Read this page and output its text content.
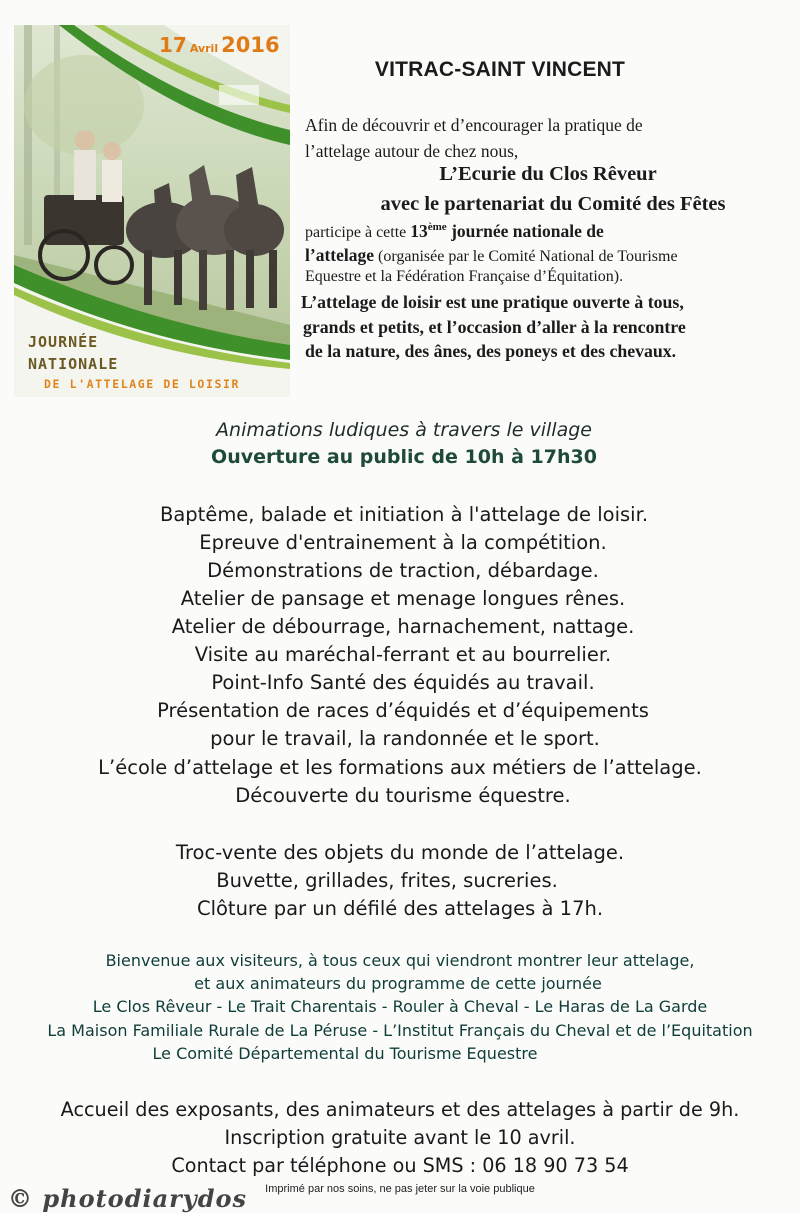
17 Avril 2016
JOURNÉE
NATIONALE
DE L'ATTELAGE DE LOISIR
VITRAC-SAINT VINCENT
Afin de découvrir et d’encourager la pratique de
l’attelage autour de chez nous,
L’Ecurie du Clos Rêveur
avec le partenariat du Comité des Fêtes
participe à cette 13ème journée nationale de
l’attelage (organisée par le Comité National de Tourisme
Equestre et la Fédération Française d’Équitation).
L’attelage de loisir est une pratique ouverte à tous,
grands et petits, et l’occasion d’aller à la rencontre
de la nature, des ânes, des poneys et des chevaux.
Animations ludiques à travers le village
Ouverture au public de 10h à 17h30
Baptême, balade et initiation à l'attelage de loisir.
Epreuve d'entrainement à la compétition.
Démonstrations de traction, débardage.
Atelier de pansage et menage longues rênes.
Atelier de débourrage, harnachement, nattage.
Visite au maréchal-ferrant et au bourrelier.
Point-Info Santé des équidés au travail.
Présentation de races d’équidés et d’équipements
pour le travail, la randonnée et le sport.
L’école d’attelage et les formations aux métiers de l’attelage.
Découverte du tourisme équestre.
Troc-vente des objets du monde de l’attelage.
Buvette, grillades, frites, sucreries.
Clôture par un défilé des attelages à 17h.
Bienvenue aux visiteurs, à tous ceux qui viendront montrer leur attelage,
et aux animateurs du programme de cette journée
Le Clos Rêveur - Le Trait Charentais - Rouler à Cheval - Le Haras de La Garde
La Maison Familiale Rurale de La Péruse - L’Institut Français du Cheval et de l’Equitation
Le Comité Départemental du Tourisme Equestre
Accueil des exposants, des animateurs et des attelages à partir de 9h.
Inscription gratuite avant le 10 avril.
Contact par téléphone ou SMS : 06 18 90 73 54
Imprimé par nos soins, ne pas jeter sur la voie publique
© photodiarydos
